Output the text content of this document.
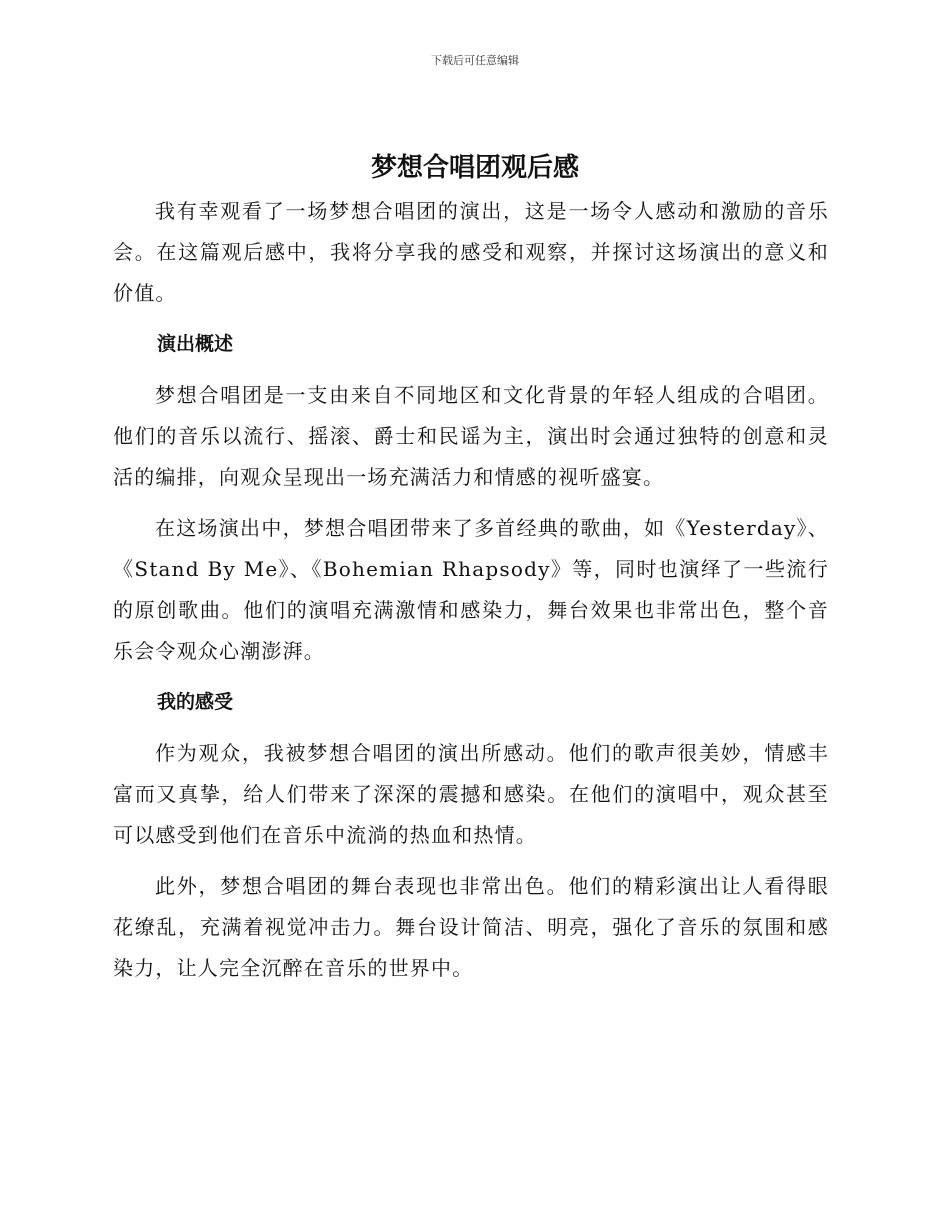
下载后可任意编辑
梦想合唱团观后感

我有幸观看了一场梦想合唱团的演出，这是一场令人感动和激励的音乐会。在这篇观后感中，我将分享我的感受和观察，并探讨这场演出的意义和价值。

演出概述

梦想合唱团是一支由来自不同地区和文化背景的年轻人组成的合唱团。他们的音乐以流行、摇滚、爵士和民谣为主，演出时会通过独特的创意和灵活的编排，向观众呈现出一场充满活力和情感的视听盛宴。

在这场演出中，梦想合唱团带来了多首经典的歌曲，如《Yesterday》、《Stand By Me》、《Bohemian Rhapsody》等，同时也演绎了一些流行的原创歌曲。他们的演唱充满激情和感染力，舞台效果也非常出色，整个音乐会令观众心潮澎湃。

我的感受

作为观众，我被梦想合唱团的演出所感动。他们的歌声很美妙，情感丰富而又真挚，给人们带来了深深的震撼和感染。在他们的演唱中，观众甚至可以感受到他们在音乐中流淌的热血和热情。

此外，梦想合唱团的舞台表现也非常出色。他们的精彩演出让人看得眼花缭乱，充满着视觉冲击力。舞台设计简洁、明亮，强化了音乐的氛围和感染力，让人完全沉醉在音乐的世界中。
